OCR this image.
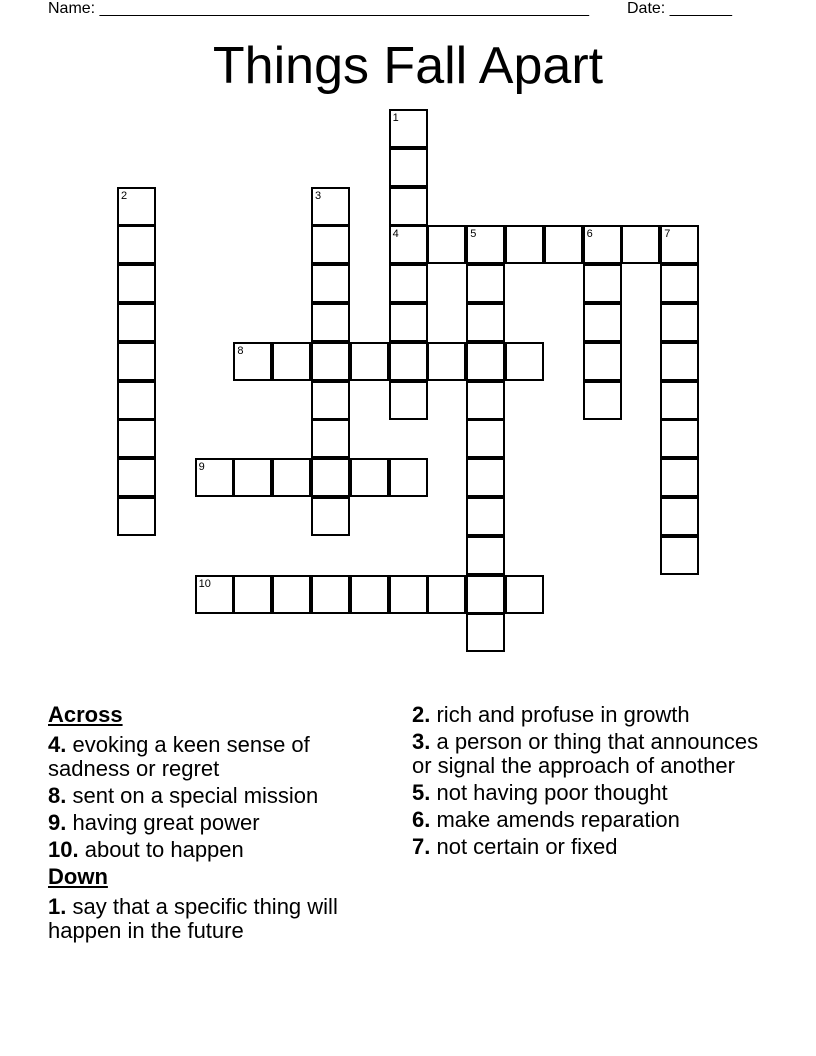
Name: _______________________________________________________ Date: _______
Things Fall Apart
1
4
2	3
5	6	7
8
9
10
Across
4. evoking a keen sense of sadness or regret
8. sent on a special mission
9. having great power
10. about to happen
Down
1. say that a specific thing will happen in the future
2. rich and profuse in growth
3. a person or thing that announces or signal the approach of another
5. not having poor thought
6. make amends reparation
7. not certain or fixed
